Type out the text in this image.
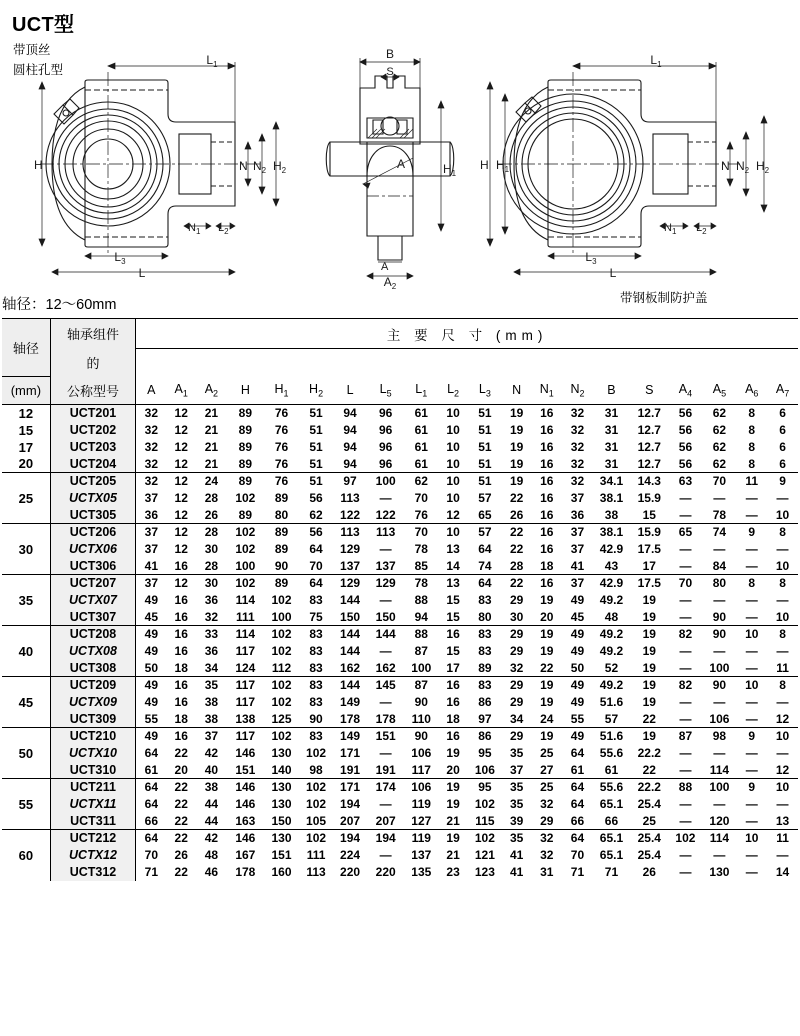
UCT型
带顶丝
圆柱孔型
$L_1$
H	N $N_2$ $H_2$
$N_1$ $L_2$
$L_3$
L
B
S
$H_1$
A
A
$A_2$
$L_1$
H $H_1$	N $N_2$ $H_2$
$N_1$ $L_2$
$L_3$
L
带钢板制防护盖
轴径：12～60mm
轴径	轴承组件	主 要 尺 寸 (mm)																			
	的																				
(mm)	公称型号	A	$A_1$	$A_2$	H	$H_1$	$H_2$	L	$L_5$	$L_1$	$L_2$	$L_3$	N	$N_1$	$N_2$	B	S	$A_4$	$A_5$	$A_6$	$A_7$
12	UCT201	32	12	21	89	76	51	94	96	61	10	51	19	16	32	31	12.7	56	62	8	6
15	UCT202	32	12	21	89	76	51	94	96	61	10	51	19	16	32	31	12.7	56	62	8	6
17	UCT203	32	12	21	89	76	51	94	96	61	10	51	19	16	32	31	12.7	56	62	8	6
20	UCT204	32	12	21	89	76	51	94	96	61	10	51	19	16	32	31	12.7	56	62	8	6
25	UCT205	32	12	24	89	76	51	97	100	62	10	51	19	16	32	34.1	14.3	63	70	11	9
	UCTX05	37	12	28	102	89	56	113	—	70	10	57	22	16	37	38.1	15.9	—	—	—	—
	UCT305	36	12	26	89	80	62	122	122	76	12	65	26	16	36	38	15	—	78	—	10
30	UCT206	37	12	28	102	89	56	113	113	70	10	57	22	16	37	38.1	15.9	65	74	9	8
	UCTX06	37	12	30	102	89	64	129	—	78	13	64	22	16	37	42.9	17.5	—	—	—	—
	UCT306	41	16	28	100	90	70	137	137	85	14	74	28	18	41	43	17	—	84	—	10
35	UCT207	37	12	30	102	89	64	129	129	78	13	64	22	16	37	42.9	17.5	70	80	8	8
	UCTX07	49	16	36	114	102	83	144	—	88	15	83	29	19	49	49.2	19	—	—	—	—
	UCT307	45	16	32	111	100	75	150	150	94	15	80	30	20	45	48	19	—	90	—	10
40	UCT208	49	16	33	114	102	83	144	144	88	16	83	29	19	49	49.2	19	82	90	10	8
	UCTX08	49	16	36	117	102	83	144	—	87	15	83	29	19	49	49.2	19	—	—	—	—
	UCT308	50	18	34	124	112	83	162	162	100	17	89	32	22	50	52	19	—	100	—	11
45	UCT209	49	16	35	117	102	83	144	145	87	16	83	29	19	49	49.2	19	82	90	10	8
	UCTX09	49	16	38	117	102	83	149	—	90	16	86	29	19	49	51.6	19	—	—	—	—
	UCT309	55	18	38	138	125	90	178	178	110	18	97	34	24	55	57	22	—	106	—	12
50	UCT210	49	16	37	117	102	83	149	151	90	16	86	29	19	49	51.6	19	87	98	9	10
	UCTX10	64	22	42	146	130	102	171	—	106	19	95	35	25	64	55.6	22.2	—	—	—	—
	UCT310	61	20	40	151	140	98	191	191	117	20	106	37	27	61	61	22	—	114	—	12
55	UCT211	64	22	38	146	130	102	171	174	106	19	95	35	25	64	55.6	22.2	88	100	9	10
	UCTX11	64	22	44	146	130	102	194	—	119	19	102	35	32	64	65.1	25.4	—	—	—	—
	UCT311	66	22	44	163	150	105	207	207	127	21	115	39	29	66	66	25	—	120	—	13
60	UCT212	64	22	42	146	130	102	194	194	119	19	102	35	32	64	65.1	25.4	102	114	10	11
	UCTX12	70	26	48	167	151	111	224	—	137	21	121	41	32	70	65.1	25.4	—	—	—	—
	UCT312	71	22	46	178	160	113	220	220	135	23	123	41	31	71	71	26	—	130	—	14
